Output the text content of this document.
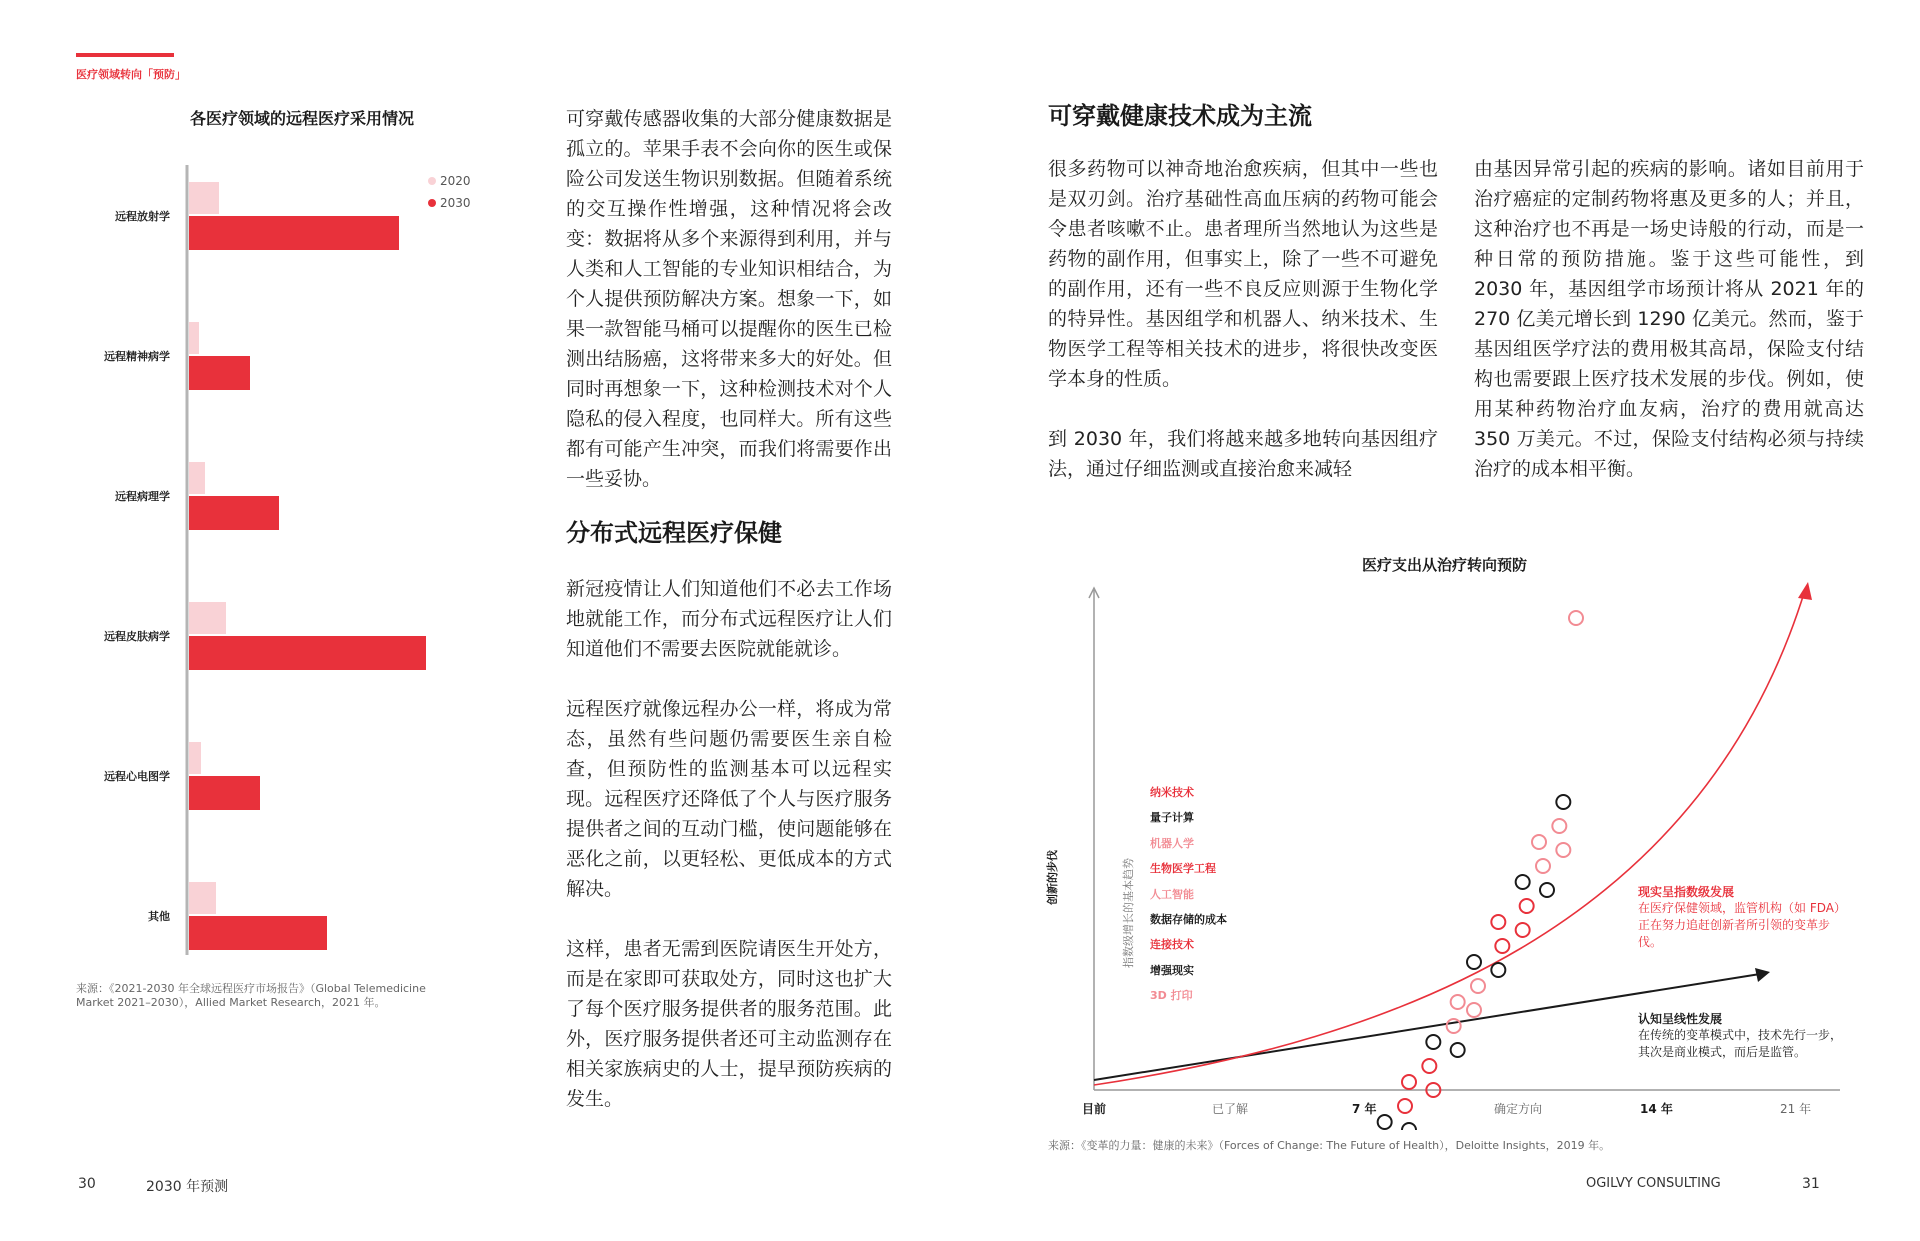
医疗领域转向「预防」
各医疗领域的远程医疗采用情况
2020
2030
远程放射学
远程精神病学
远程病理学
远程皮肤病学
远程心电图学
其他
来源：《2021-2030 年全球远程医疗市场报告》（Global Telemedicine Market 2021–2030），Allied Market Research，2021 年。

可穿戴传感器收集的大部分健康数据是孤立的。苹果手表不会向你的医生或保险公司发送生物识别数据。但随着系统的交互操作性增强，这种情况将会改变：数据将从多个来源得到利用，并与人类和人工智能的专业知识相结合，为个人提供预防解决方案。想象一下，如果一款智能马桶可以提醒你的医生已检测出结肠癌，这将带来多大的好处。但同时再想象一下，这种检测技术对个人隐私的侵入程度，也同样大。所有这些都有可能产生冲突，而我们将需要作出一些妥协。

分布式远程医疗保健

新冠疫情让人们知道他们不必去工作场地就能工作，而分布式远程医疗让人们知道他们不需要去医院就能就诊。

远程医疗就像远程办公一样，将成为常态，虽然有些问题仍需要医生亲自检查，但预防性的监测基本可以远程实现。远程医疗还降低了个人与医疗服务提供者之间的互动门槛，使问题能够在恶化之前，以更轻松、更低成本的方式解决。

这样，患者无需到医院请医生开处方，而是在家即可获取处方，同时这也扩大了每个医疗服务提供者的服务范围。此外，医疗服务提供者还可主动监测存在相关家族病史的人士，提早预防疾病的发生。

可穿戴健康技术成为主流

很多药物可以神奇地治愈疾病，但其中一些也是双刃剑。治疗基础性高血压病的药物可能会令患者咳嗽不止。患者理所当然地认为这些是药物的副作用，但事实上，除了一些不可避免的副作用，还有一些不良反应则源于生物化学的特异性。基因组学和机器人、纳米技术、生物医学工程等相关技术的进步，将很快改变医学本身的性质。

到 2030 年，我们将越来越多地转向基因组疗法，通过仔细监测或直接治愈来减轻

由基因异常引起的疾病的影响。诸如目前用于治疗癌症的定制药物将惠及更多的人；并且，这种治疗也不再是一场史诗般的行动，而是一种日常的预防措施。鉴于这些可能性，到 2030 年，基因组学市场预计将从 2021 年的 270 亿美元增长到 1290 亿美元。然而，鉴于基因组医学疗法的费用极其高昂，保险支付结构也需要跟上医疗技术发展的步伐。例如，使用某种药物治疗血友病，治疗的费用就高达 350 万美元。不过，保险支付结构必须与持续治疗的成本相平衡。

医疗支出从治疗转向预防
创新的步伐	指数级增长的基本趋势
纳米技术
量子计算
机器人学
生物医学工程
人工智能
数据存储的成本
连接技术
增强现实
3D 打印
现实呈指数级发展
在医疗保健领域，监管机构（如 FDA）正在努力追赶创新者所引领的变革步伐。
认知呈线性发展
在传统的变革模式中，技术先行一步，其次是商业模式，而后是监管。
目前	已了解	7 年	确定方向	14 年	21 年
来源：《变革的力量：健康的未来》（Forces of Change: The Future of Health），Deloitte Insights，2019 年。
30	2030 年预测	OGILVY CONSULTING	31
